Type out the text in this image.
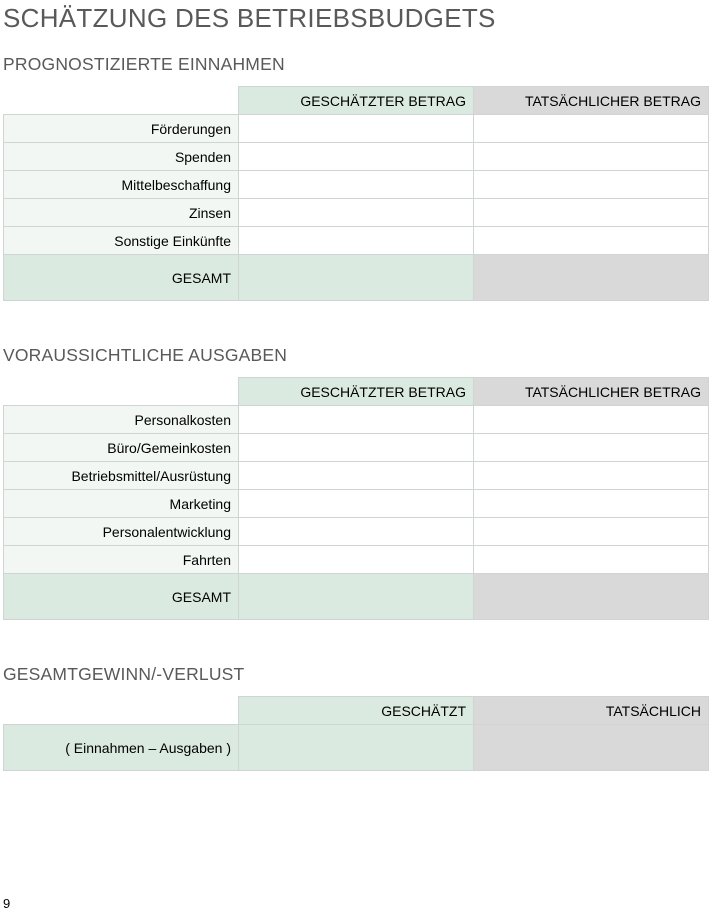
SCHÄTZUNG DES BETRIEBSBUDGETS
PROGNOSTIZIERTE EINNAHMEN
	GESCHÄTZTER BETRAG	TATSÄCHLICHER BETRAG
Förderungen		
Spenden		
Mittelbeschaffung		
Zinsen		
Sonstige Einkünfte		
GESAMT		
VORAUSSICHTLICHE AUSGABEN
	GESCHÄTZTER BETRAG	TATSÄCHLICHER BETRAG
Personalkosten		
Büro/Gemeinkosten		
Betriebsmittel/Ausrüstung		
Marketing		
Personalentwicklung		
Fahrten		
GESAMT		
GESAMTGEWINN/-VERLUST
	GESCHÄTZT	TATSÄCHLICH
( Einnahmen – Ausgaben )		
9
